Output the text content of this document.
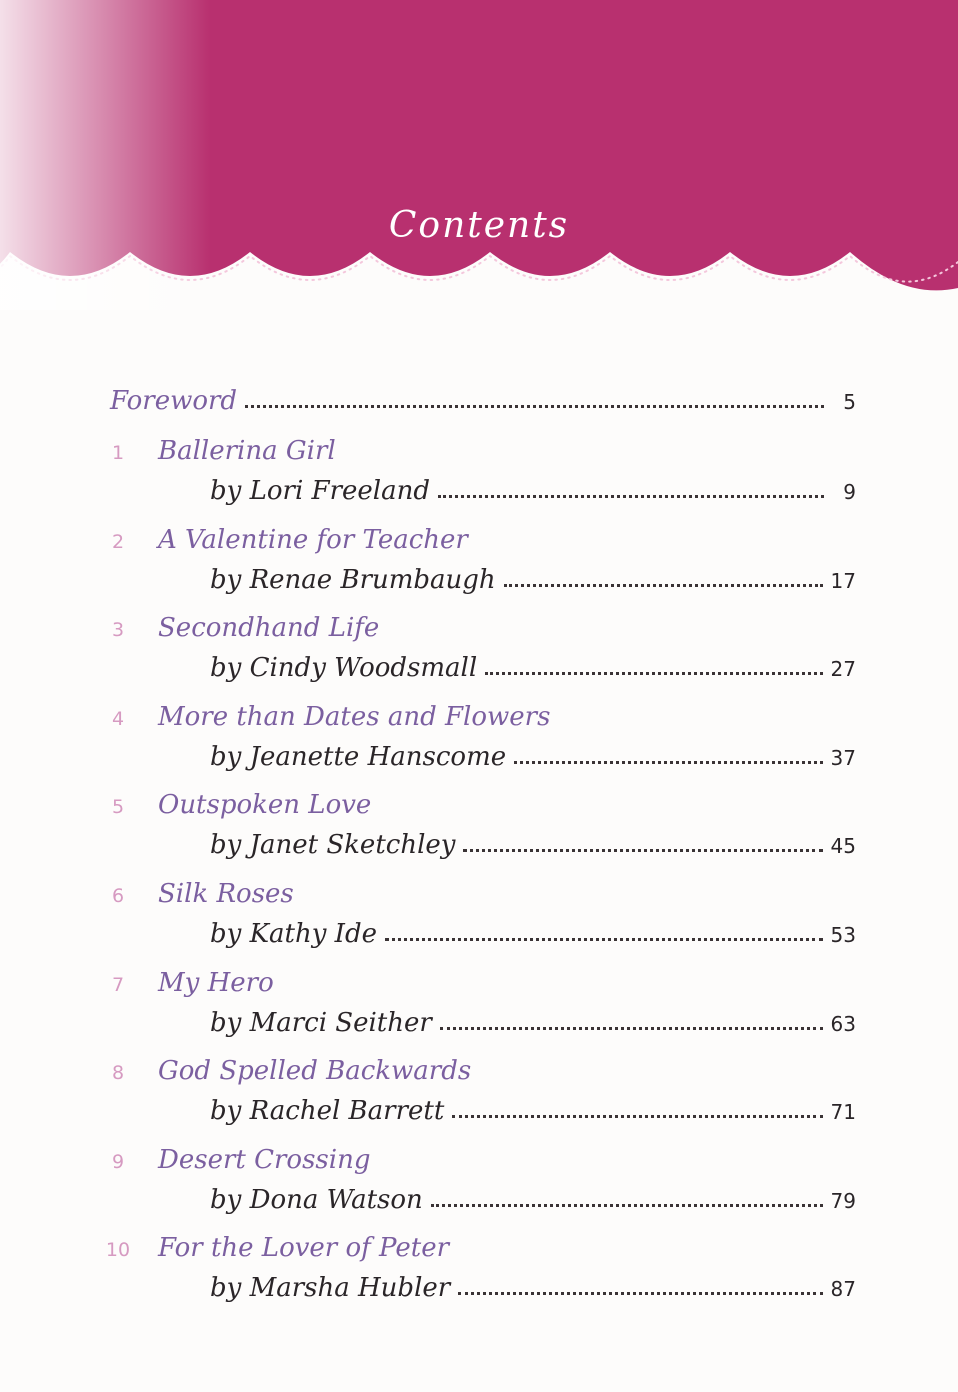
Contents
Foreword	5
1	Ballerina Girl
by Lori Freeland	9
2	A Valentine for Teacher
by Renae Brumbaugh	17
3	Secondhand Life
by Cindy Woodsmall	27
4	More than Dates and Flowers
by Jeanette Hanscome	37
5	Outspoken Love
by Janet Sketchley	45
6	Silk Roses
by Kathy Ide	53
7	My Hero
by Marci Seither	63
8	God Spelled Backwards
by Rachel Barrett	71
9	Desert Crossing
by Dona Watson	79
10	For the Lover of Peter
by Marsha Hubler	87
